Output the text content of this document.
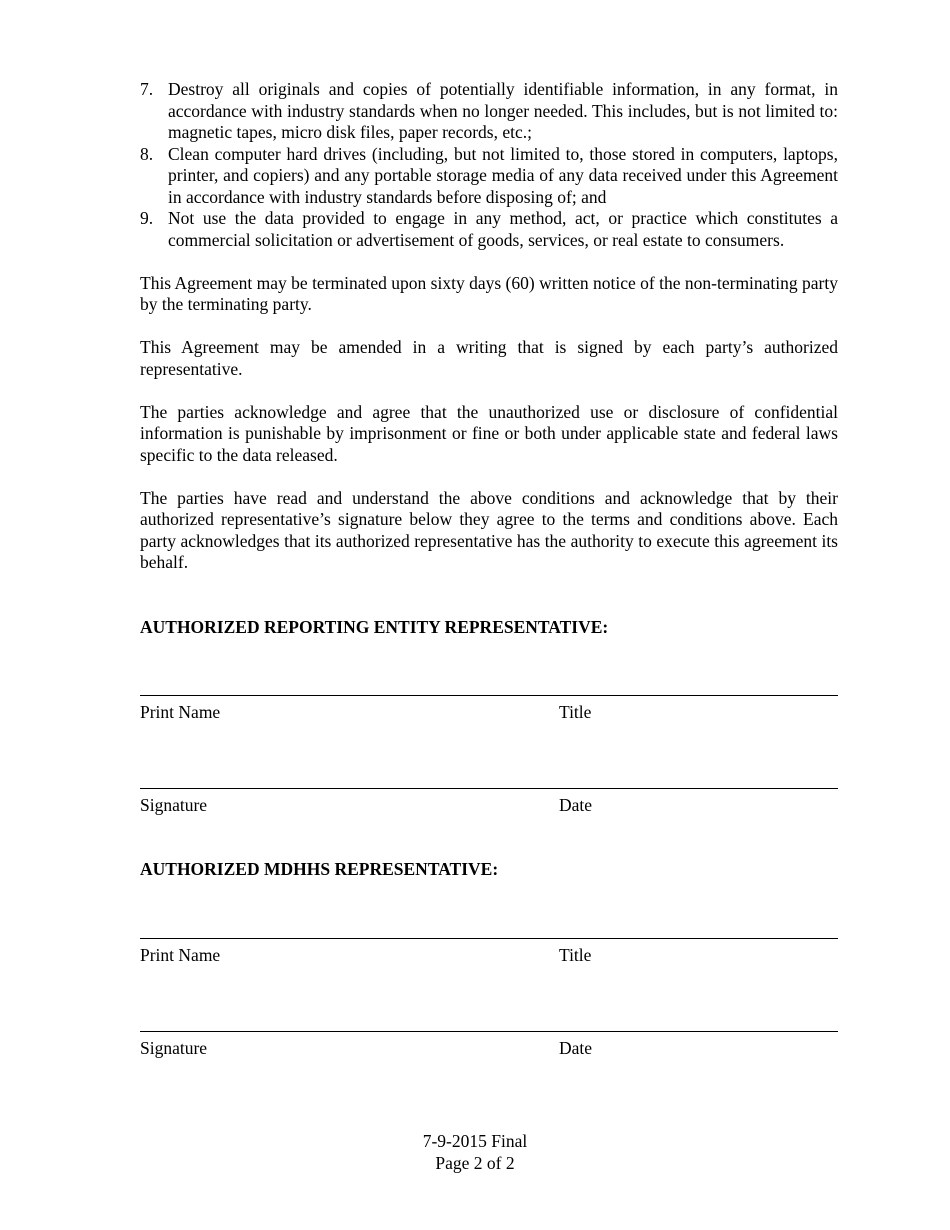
7. Destroy all originals and copies of potentially identifiable information, in any format, in accordance with industry standards when no longer needed. This includes, but is not limited to: magnetic tapes, micro disk files, paper records, etc.;
8. Clean computer hard drives (including, but not limited to, those stored in computers, laptops, printer, and copiers) and any portable storage media of any data received under this Agreement in accordance with industry standards before disposing of; and
9. Not use the data provided to engage in any method, act, or practice which constitutes a commercial solicitation or advertisement of goods, services, or real estate to consumers.

This Agreement may be terminated upon sixty days (60) written notice of the non-terminating party by the terminating party.

This Agreement may be amended in a writing that is signed by each party’s authorized representative.

The parties acknowledge and agree that the unauthorized use or disclosure of confidential information is punishable by imprisonment or fine or both under applicable state and federal laws specific to the data released.

The parties have read and understand the above conditions and acknowledge that by their authorized representative’s signature below they agree to the terms and conditions above. Each party acknowledges that its authorized representative has the authority to execute this agreement its behalf.

AUTHORIZED REPORTING ENTITY REPRESENTATIVE:
Print Name	Title
Signature	Date
AUTHORIZED MDHHS REPRESENTATIVE:
Print Name	Title
Signature	Date
7-9-2015 Final
Page 2 of 2
